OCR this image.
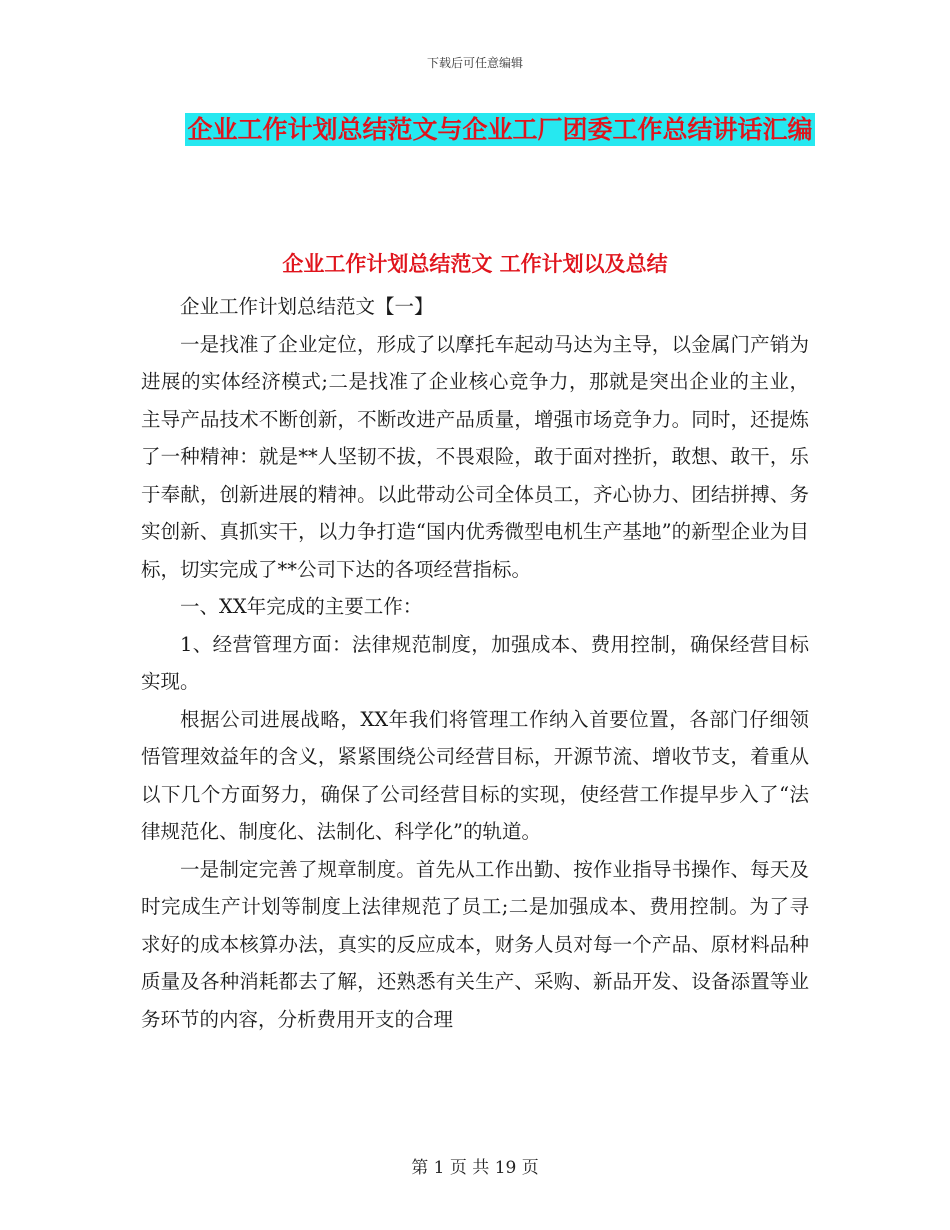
下载后可任意编辑
企业工作计划总结范文与企业工厂团委工作总结讲话汇编
企业工作计划总结范文 工作计划以及总结

企业工作计划总结范文【一】

一是找准了企业定位，形成了以摩托车起动马达为主导，以金属门产销为进展的实体经济模式;二是找准了企业核心竞争力，那就是突出企业的主业，主导产品技术不断创新，不断改进产品质量，增强市场竞争力。同时，还提炼了一种精神：就是**人坚韧不拔，不畏艰险，敢于面对挫折，敢想、敢干，乐于奉献，创新进展的精神。以此带动公司全体员工，齐心协力、团结拼搏、务实创新、真抓实干，以力争打造“国内优秀微型电机生产基地”的新型企业为目标，切实完成了**公司下达的各项经营指标。

一、XX年完成的主要工作：

1、经营管理方面：法律规范制度，加强成本、费用控制，确保经营目标实现。

根据公司进展战略，XX年我们将管理工作纳入首要位置，各部门仔细领悟管理效益年的含义，紧紧围绕公司经营目标，开源节流、增收节支，着重从以下几个方面努力，确保了公司经营目标的实现，使经营工作提早步入了“法律规范化、制度化、法制化、科学化”的轨道。

一是制定完善了规章制度。首先从工作出勤、按作业指导书操作、每天及时完成生产计划等制度上法律规范了员工;二是加强成本、费用控制。为了寻求好的成本核算办法，真实的反应成本，财务人员对每一个产品、原材料品种质量及各种消耗都去了解，还熟悉有关生产、采购、新品开发、设备添置等业务环节的内容，分析费用开支的合理

第 1 页 共 19 页
